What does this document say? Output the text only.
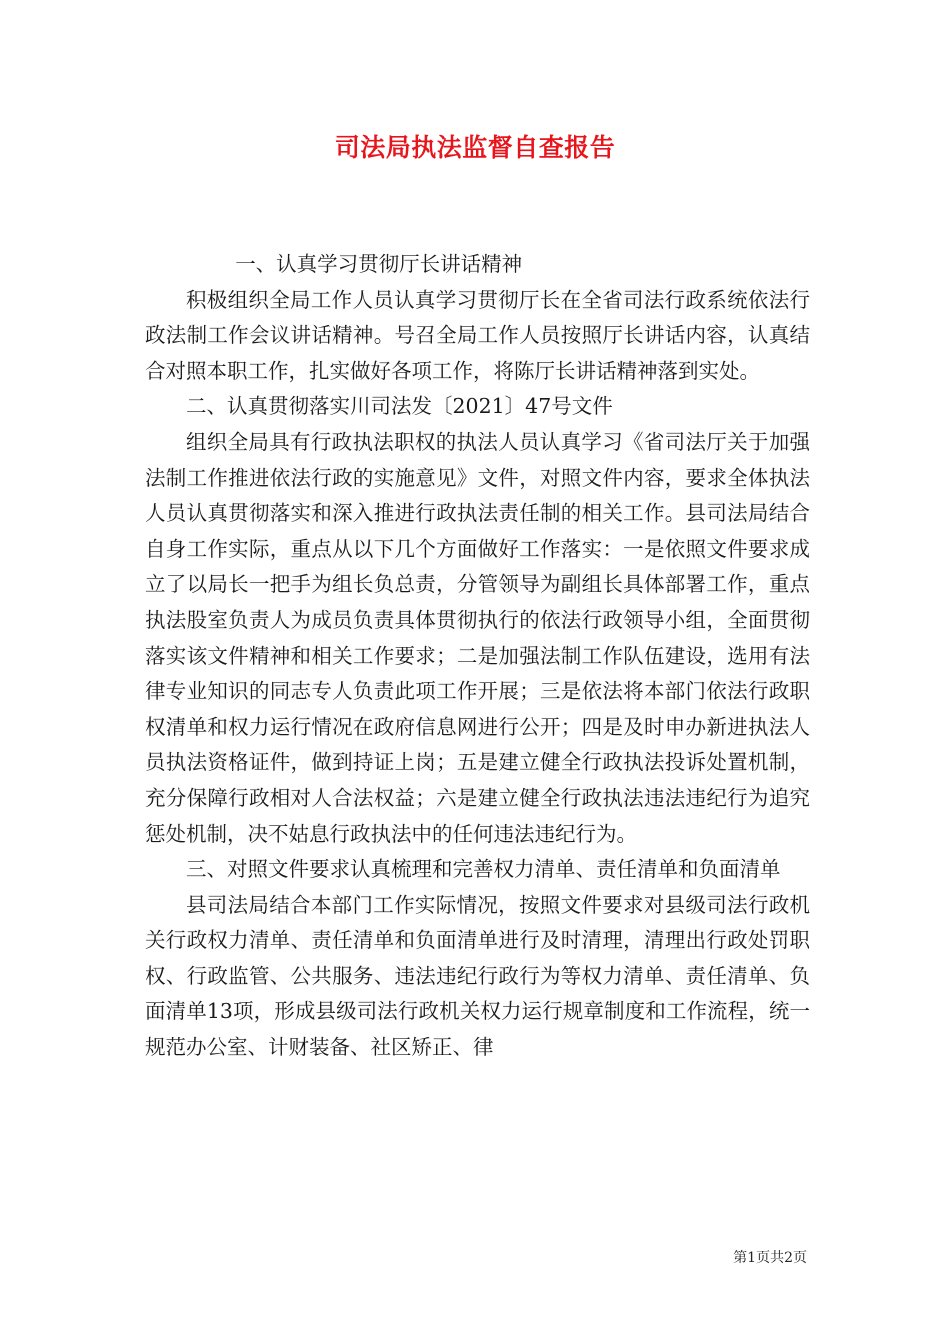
司法局执法监督自查报告

一、认真学习贯彻厅长讲话精神

积极组织全局工作人员认真学习贯彻厅长在全省司法行政系统依法行政法制工作会议讲话精神。号召全局工作人员按照厅长讲话内容，认真结合对照本职工作，扎实做好各项工作，将陈厅长讲话精神落到实处。

二、认真贯彻落实川司法发〔2021〕47号文件

组织全局具有行政执法职权的执法人员认真学习《省司法厅关于加强法制工作推进依法行政的实施意见》文件，对照文件内容，要求全体执法人员认真贯彻落实和深入推进行政执法责任制的相关工作。县司法局结合自身工作实际，重点从以下几个方面做好工作落实：一是依照文件要求成立了以局长一把手为组长负总责，分管领导为副组长具体部署工作，重点执法股室负责人为成员负责具体贯彻执行的依法行政领导小组，全面贯彻落实该文件精神和相关工作要求；二是加强法制工作队伍建设，选用有法律专业知识的同志专人负责此项工作开展；三是依法将本部门依法行政职权清单和权力运行情况在政府信息网进行公开；四是及时申办新进执法人员执法资格证件，做到持证上岗；五是建立健全行政执法投诉处置机制，充分保障行政相对人合法权益；六是建立健全行政执法违法违纪行为追究惩处机制，决不姑息行政执法中的任何违法违纪行为。

三、对照文件要求认真梳理和完善权力清单、责任清单和负面清单

县司法局结合本部门工作实际情况，按照文件要求对县级司法行政机关行政权力清单、责任清单和负面清单进行及时清理，清理出行政处罚职权、行政监管、公共服务、违法违纪行政行为等权力清单、责任清单、负面清单13项，形成县级司法行政机关权力运行规章制度和工作流程，统一规范办公室、计财装备、社区矫正、律

第1页共2页
